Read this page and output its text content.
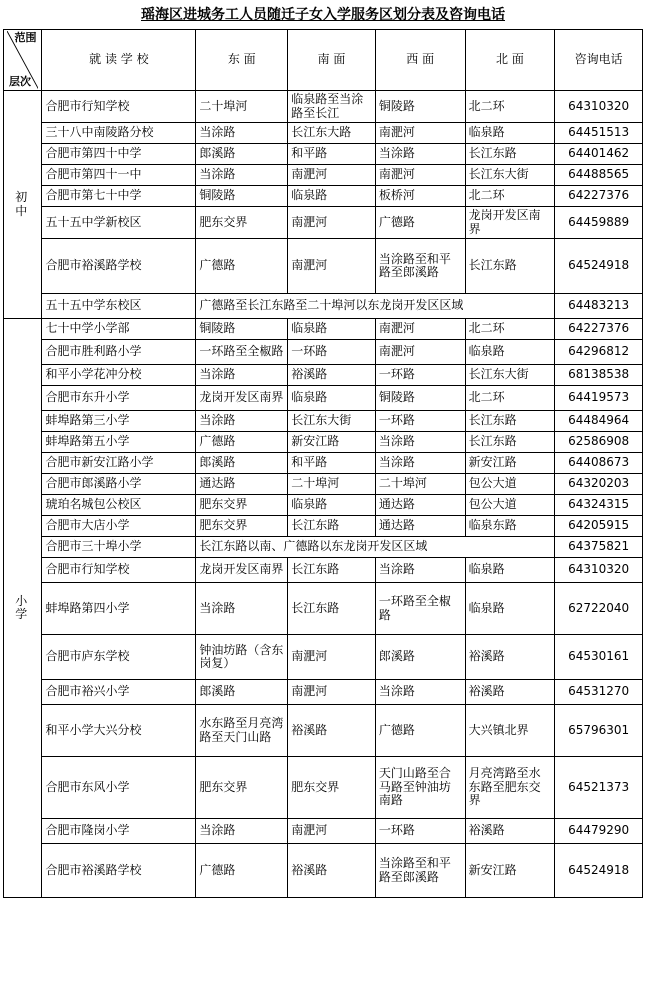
瑶海区进城务工人员随迁子女入学服务区划分表及咨询电话
范围
层次	就 读 学 校	东 面	南 面	西 面	北 面	咨询电话
初 中	合肥市行知学校	二十埠河	临泉路至当涂路至长江	铜陵路	北二环	64310320
	三十八中南陵路分校	当涂路	长江东大路	南淝河	临泉路	64451513
	合肥市第四十中学	郎溪路	和平路	当涂路	长江东路	64401462
	合肥市第四十一中	当涂路	南淝河	南淝河	长江东大街	64488565
	合肥市第七十中学	铜陵路	临泉路	板桥河	北二环	64227376
	五十五中学新校区	肥东交界	南淝河	广德路	龙岗开发区南界	64459889
	合肥市裕溪路学校	广德路	南淝河	当涂路至和平路至郎溪路	长江东路	64524918
	五十五中学东校区	广德路至长江东路至二十埠河以东龙岗开发区区域				64483213
小 学	七十中学小学部	铜陵路	临泉路	南淝河	北二环	64227376
	合肥市胜利路小学	一环路至全椒路	一环路	南淝河	临泉路	64296812
	和平小学花冲分校	当涂路	裕溪路	一环路	长江东大街	68138538
	合肥市东升小学	龙岗开发区南界	临泉路	铜陵路	北二环	64419573
	蚌埠路第三小学	当涂路	长江东大街	一环路	长江东路	64484964
	蚌埠路第五小学	广德路	新安江路	当涂路	长江东路	62586908
	合肥市新安江路小学	郎溪路	和平路	当涂路	新安江路	64408673
	合肥市郎溪路小学	通达路	二十埠河	二十埠河	包公大道	64320203
	琥珀名城包公校区	肥东交界	临泉路	通达路	包公大道	64324315
	合肥市大店小学	肥东交界	长江东路	通达路	临泉东路	64205915
	合肥市三十埠小学	长江东路以南、广德路以东龙岗开发区区域				64375821
	合肥市行知学校	龙岗开发区南界	长江东路	当涂路	临泉路	64310320
	蚌埠路第四小学	当涂路	长江东路	一环路至全椒路	临泉路	62722040
	合肥市庐东学校	钟油坊路（含东岗复）	南淝河	郎溪路	裕溪路	64530161
	合肥市裕兴小学	郎溪路	南淝河	当涂路	裕溪路	64531270
	和平小学大兴分校	水东路至月亮湾路至天门山路	裕溪路	广德路	大兴镇北界	65796301
	合肥市东风小学	肥东交界	肥东交界	天门山路至合马路至钟油坊南路	月亮湾路至水东路至肥东交界	64521373
	合肥市隆岗小学	当涂路	南淝河	一环路	裕溪路	64479290
	合肥市裕溪路学校	广德路	裕溪路	当涂路至和平路至郎溪路	新安江路	64524918
